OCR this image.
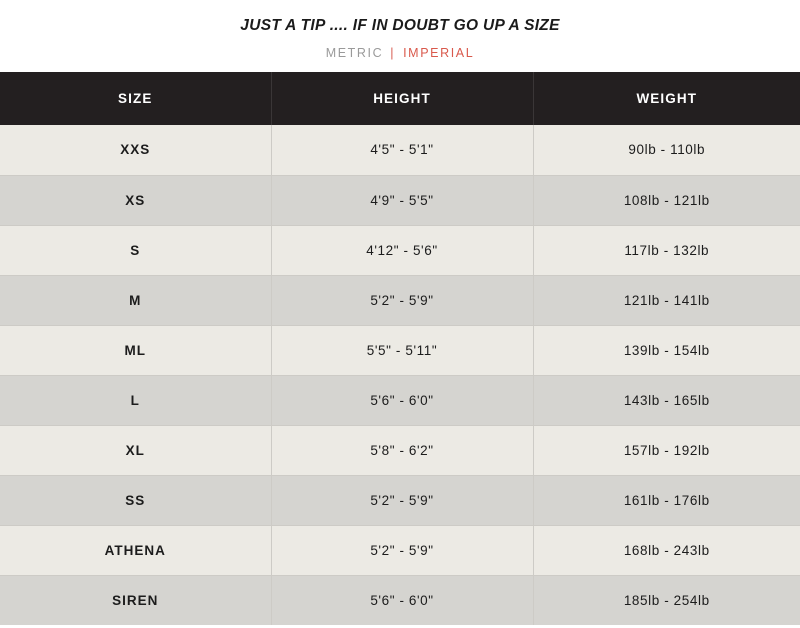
JUST A TIP .... IF IN DOUBT GO UP A SIZE
METRIC | IMPERIAL
SIZE	HEIGHT	WEIGHT
XXS	4'5" - 5'1"	90lb - 110lb
XS	4'9" - 5'5"	108lb - 121lb
S	4'12" - 5'6"	117lb - 132lb
M	5'2" - 5'9"	121lb - 141lb
ML	5'5" - 5'11"	139lb - 154lb
L	5'6" - 6'0"	143lb - 165lb
XL	5'8" - 6'2"	157lb - 192lb
SS	5'2" - 5'9"	161lb - 176lb
ATHENA	5'2" - 5'9"	168lb - 243lb
SIREN	5'6" - 6'0"	185lb - 254lb
